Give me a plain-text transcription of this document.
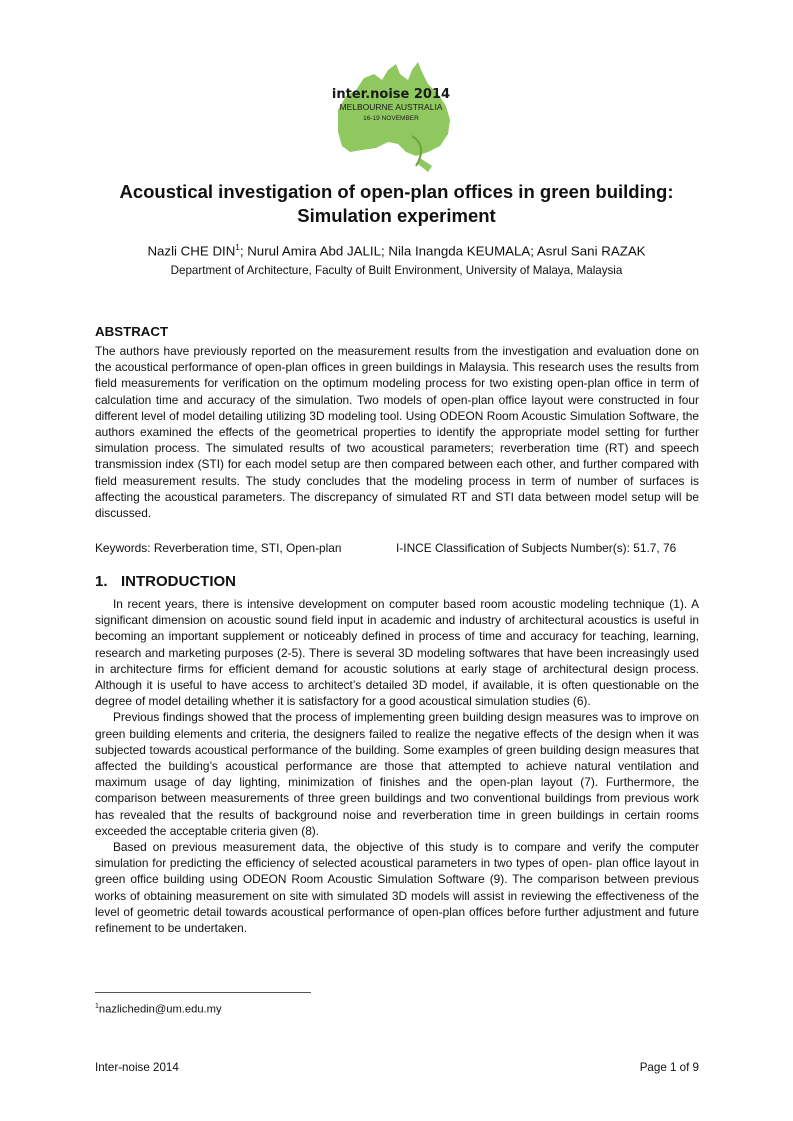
inter.noise 2014
MELBOURNE AUSTRALIA
16-19 NOVEMBER
Acoustical investigation of open-plan offices in green building:
Simulation experiment
Nazli CHE DIN$^1$; Nurul Amira Abd JALIL; Nila Inangda KEUMALA; Asrul Sani RAZAK
Department of Architecture, Faculty of Built Environment, University of Malaya, Malaysia
ABSTRACT

The authors have previously reported on the measurement results from the investigation and evaluation done on the acoustical performance of open-plan offices in green buildings in Malaysia. This research uses the results from field measurements for verification on the optimum modeling process for two existing open-plan office in term of calculation time and accuracy of the simulation. Two models of open-plan office layout were constructed in four different level of model detailing utilizing 3D modeling tool. Using ODEON Room Acoustic Simulation Software, the authors examined the effects of the geometrical properties to identify the appropriate model setting for further simulation process. The simulated results of two acoustical parameters; reverberation time (RT) and speech transmission index (STI) for each model setup are then compared between each other, and further compared with field measurement results. The study concludes that the modeling process in term of number of surfaces is affecting the acoustical parameters. The discrepancy of simulated RT and STI data between model setup will be discussed.

Keywords: Reverberation time, STI, Open-plan	I-INCE Classification of Subjects Number(s): 51.7, 76
1. INTRODUCTION

In recent years, there is intensive development on computer based room acoustic modeling technique (1). A significant dimension on acoustic sound field input in academic and industry of architectural acoustics is useful in becoming an important supplement or noticeably defined in process of time and accuracy for teaching, learning, research and marketing purposes (2-5). There is several 3D modeling softwares that have been increasingly used in architecture firms for efficient demand for acoustic solutions at early stage of architectural design process. Although it is useful to have access to architect’s detailed 3D model, if available, it is often questionable on the degree of model detailing whether it is satisfactory for a good acoustical simulation studies (6).

Previous findings showed that the process of implementing green building design measures was to improve on green building elements and criteria, the designers failed to realize the negative effects of the design when it was subjected towards acoustical performance of the building. Some examples of green building design measures that affected the building’s acoustical performance are those that attempted to achieve natural ventilation and maximum usage of day lighting, minimization of finishes and the open-plan layout (7). Furthermore, the comparison between measurements of three green buildings and two conventional buildings from previous work has revealed that the results of background noise and reverberation time in green buildings in certain rooms exceeded the acceptable criteria given (8).

Based on previous measurement data, the objective of this study is to compare and verify the computer simulation for predicting the efficiency of selected acoustical parameters in two types of open- plan office layout in green office building using ODEON Room Acoustic Simulation Software (9). The comparison between previous works of obtaining measurement on site with simulated 3D models will assist in reviewing the effectiveness of the level of geometric detail towards acoustical performance of open-plan offices before further adjustment and future refinement to be undertaken.

$^1$nazlichedin@um.edu.my
Inter-noise 2014	Page 1 of 9
